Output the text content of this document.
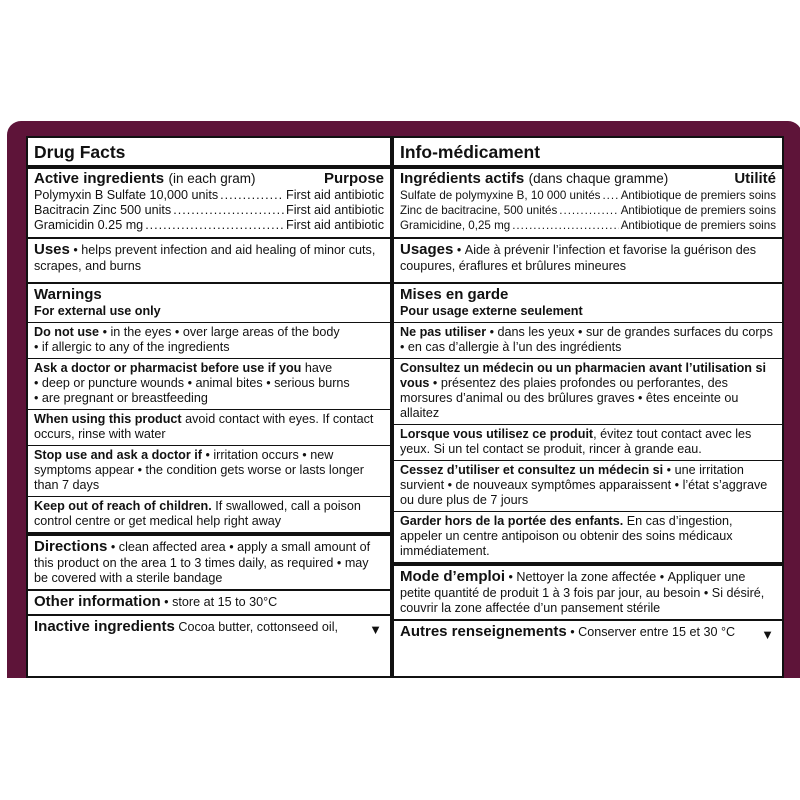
Drug Facts
Active ingredients (in each gram)	Purpose
Polymyxin B Sulfate 10,000 units .....	First aid antibiotic
Bacitracin Zinc 500 units .....	First aid antibiotic
Gramicidin 0.25 mg .....	First aid antibiotic

Uses • helps prevent infection and aid healing of minor cuts, scrapes, and burns

Warnings
For external use only

Do not use • in the eyes • over large areas of the body
• if allergic to any of the ingredients

Ask a doctor or pharmacist before use if you have
• deep or puncture wounds • animal bites • serious burns
• are pregnant or breastfeeding

When using this product avoid contact with eyes. If contact occurs, rinse with water

Stop use and ask a doctor if • irritation occurs • new symptoms appear • the condition gets worse or lasts longer than 7 days

Keep out of reach of children. If swallowed, call a poison control centre or get medical help right away

Directions • clean affected area • apply a small amount of this product on the area 1 to 3 times daily, as required • may be covered with a sterile bandage

Other information • store at 15 to 30°C

Inactive ingredients Cocoa butter, cottonseed oil,	▼
Info-médicament
Ingrédients actifs (dans chaque gramme)	Utilité
Sulfate de polymyxine B, 10 000 unités ..... Antibiotique de premiers soins
Zinc de bacitracine, 500 unités .....	Antibiotique de premiers soins
Gramicidine, 0,25 mg .....	Antibiotique de premiers soins

Usages • Aide à prévenir l’infection et favorise la guérison des coupures, éraflures et brûlures mineures

Mises en garde
Pour usage externe seulement

Ne pas utiliser • dans les yeux • sur de grandes surfaces du corps • en cas d’allergie à l’un des ingrédients

Consultez un médecin ou un pharmacien avant l’utilisation si vous • présentez des plaies profondes ou perforantes, des morsures d’animal ou des brûlures graves • êtes enceinte ou allaitez

Lorsque vous utilisez ce produit, évitez tout contact avec les yeux. Si un tel contact se produit, rincer à grande eau.

Cessez d’utiliser et consultez un médecin si • une irritation survient • de nouveaux symptômes apparaissent • l’état s’aggrave ou dure plus de 7 jours

Garder hors de la portée des enfants. En cas d’ingestion, appeler un centre antipoison ou obtenir des soins médicaux immédiatement.

Mode d’emploi • Nettoyer la zone affectée • Appliquer une petite quantité de produit 1 à 3 fois par jour, au besoin • Si désiré, couvrir la zone affectée d’un pansement stérile

Autres renseignements • Conserver entre 15 et 30 °C	▼
